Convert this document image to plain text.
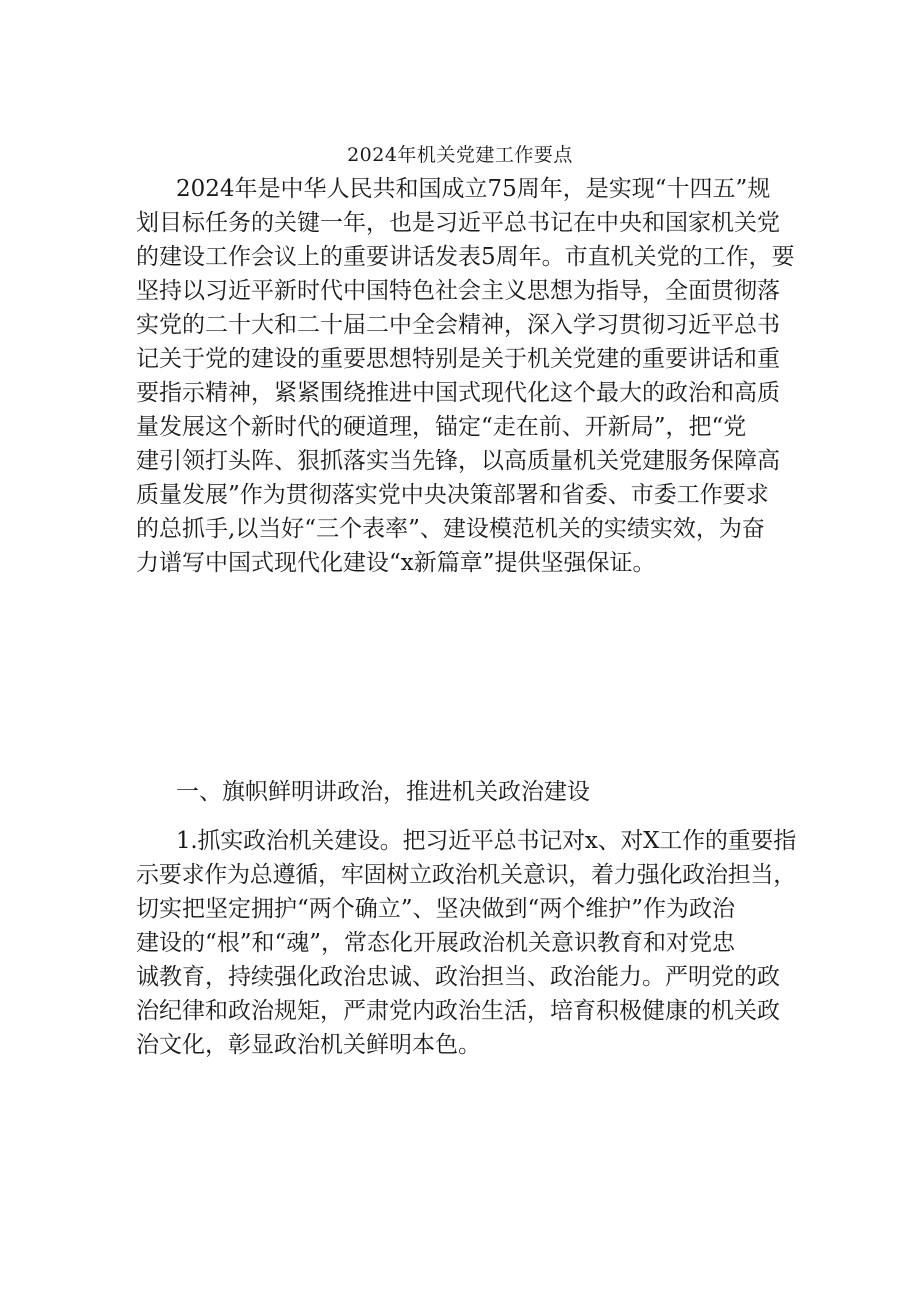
2024年机关党建工作要点
2024年是中华人民共和国成立75周年，是实现“十四五”规
划目标任务的关键一年，也是习近平总书记在中央和国家机关党
的建设工作会议上的重要讲话发表5周年。市直机关党的工作，要
坚持以习近平新时代中国特色社会主义思想为指导，全面贯彻落
实党的二十大和二十届二中全会精神，深入学习贯彻习近平总书
记关于党的建设的重要思想特别是关于机关党建的重要讲话和重
要指示精神，紧紧围绕推进中国式现代化这个最大的政治和高质
量发展这个新时代的硬道理，锚定“走在前、开新局”，把“党
建引领打头阵、狠抓落实当先锋，以高质量机关党建服务保障高
质量发展”作为贯彻落实党中央决策部署和省委、市委工作要求
的总抓手,以当好“三个表率”、建设模范机关的实绩实效，为奋
力谱写中国式现代化建设“x新篇章”提供坚强保证。
一、旗帜鲜明讲政治，推进机关政治建设
1.抓实政治机关建设。把习近平总书记对x、对X工作的重要指
示要求作为总遵循，牢固树立政治机关意识，着力强化政治担当，
切实把坚定拥护“两个确立”、坚决做到“两个维护”作为政治
建设的“根”和“魂”，常态化开展政治机关意识教育和对党忠
诚教育，持续强化政治忠诚、政治担当、政治能力。严明党的政
治纪律和政治规矩，严肃党内政治生活，培育积极健康的机关政
治文化，彰显政治机关鲜明本色。
